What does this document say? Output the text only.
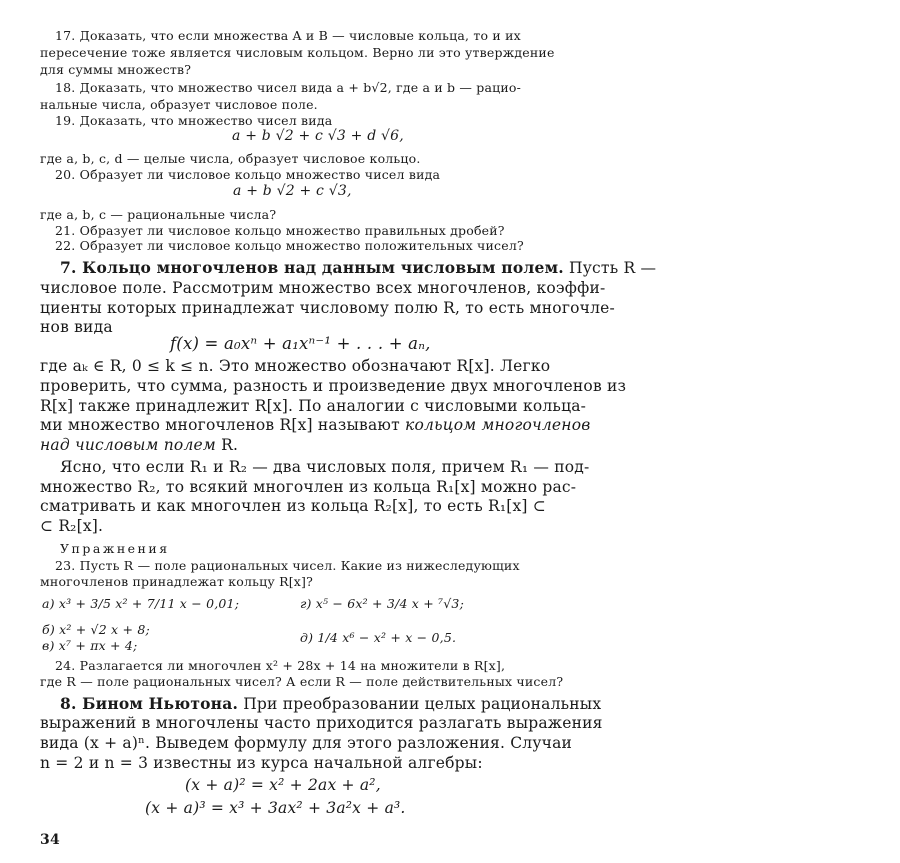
17. Доказать, что если множества A и B — числовые кольца, то и их
пересечение тоже является числовым кольцом. Верно ли это утверждение
для суммы множеств?
18. Доказать, что множество чисел вида a + b√2, где a и b — рацио-
нальные числа, образует числовое поле.
19. Доказать, что множество чисел вида
a + b √2 + c √3 + d √6,
где a, b, c, d — целые числа, образует числовое кольцо.
20. Образует ли числовое кольцо множество чисел вида
a + b √2 + c √3,
где a, b, c — рациональные числа?
21. Образует ли числовое кольцо множество правильных дробей?
22. Образует ли числовое кольцо множество положительных чисел?
7. Кольцо многочленов над данным числовым полем. Пусть R —
числовое поле. Рассмотрим множество всех многочленов, коэффи-
циенты которых принадлежат числовому полю R, то есть многочле-
нов вида
f(x) = a₀xⁿ + a₁xⁿ⁻¹ + . . . + aₙ,
где aₖ ∈ R, 0 ≤ k ≤ n. Это множество обозначают R[x]. Легко
проверить, что сумма, разность и произведение двух многочленов из
R[x] также принадлежит R[x]. По аналогии с числовыми кольца-
ми множество многочленов R[x] называют кольцом многочленов
над числовым полем R.
Ясно, что если R₁ и R₂ — два числовых поля, причем R₁ — под-
множество R₂, то всякий многочлен из кольца R₁[x] можно рас-
сматривать и как многочлен из кольца R₂[x], то есть R₁[x] ⊂
⊂ R₂[x].
Упражнения
23. Пусть R — поле рациональных чисел. Какие из нижеследующих
многочленов принадлежат кольцу R[x]?
а) x³ + 3/5 x² + 7/11 x − 0,01;	г) x⁵ − 6x² + 3/4 x + ⁷√3;
б) x² + √2 x + 8;
в) x⁷ + πx + 4;
д) 1/4 x⁶ − x² + x − 0,5.
24. Разлагается ли многочлен x² + 28x + 14 на множители в R[x],
где R — поле рациональных чисел? А если R — поле действительных чисел?
8. Бином Ньютона. При преобразовании целых рациональных
выражений в многочлены часто приходится разлагать выражения
вида (x + a)ⁿ. Выведем формулу для этого разложения. Случаи
n = 2 и n = 3 известны из курса начальной алгебры:
(x + a)² = x² + 2ax + a²,
(x + a)³ = x³ + 3ax² + 3a²x + a³.
34
